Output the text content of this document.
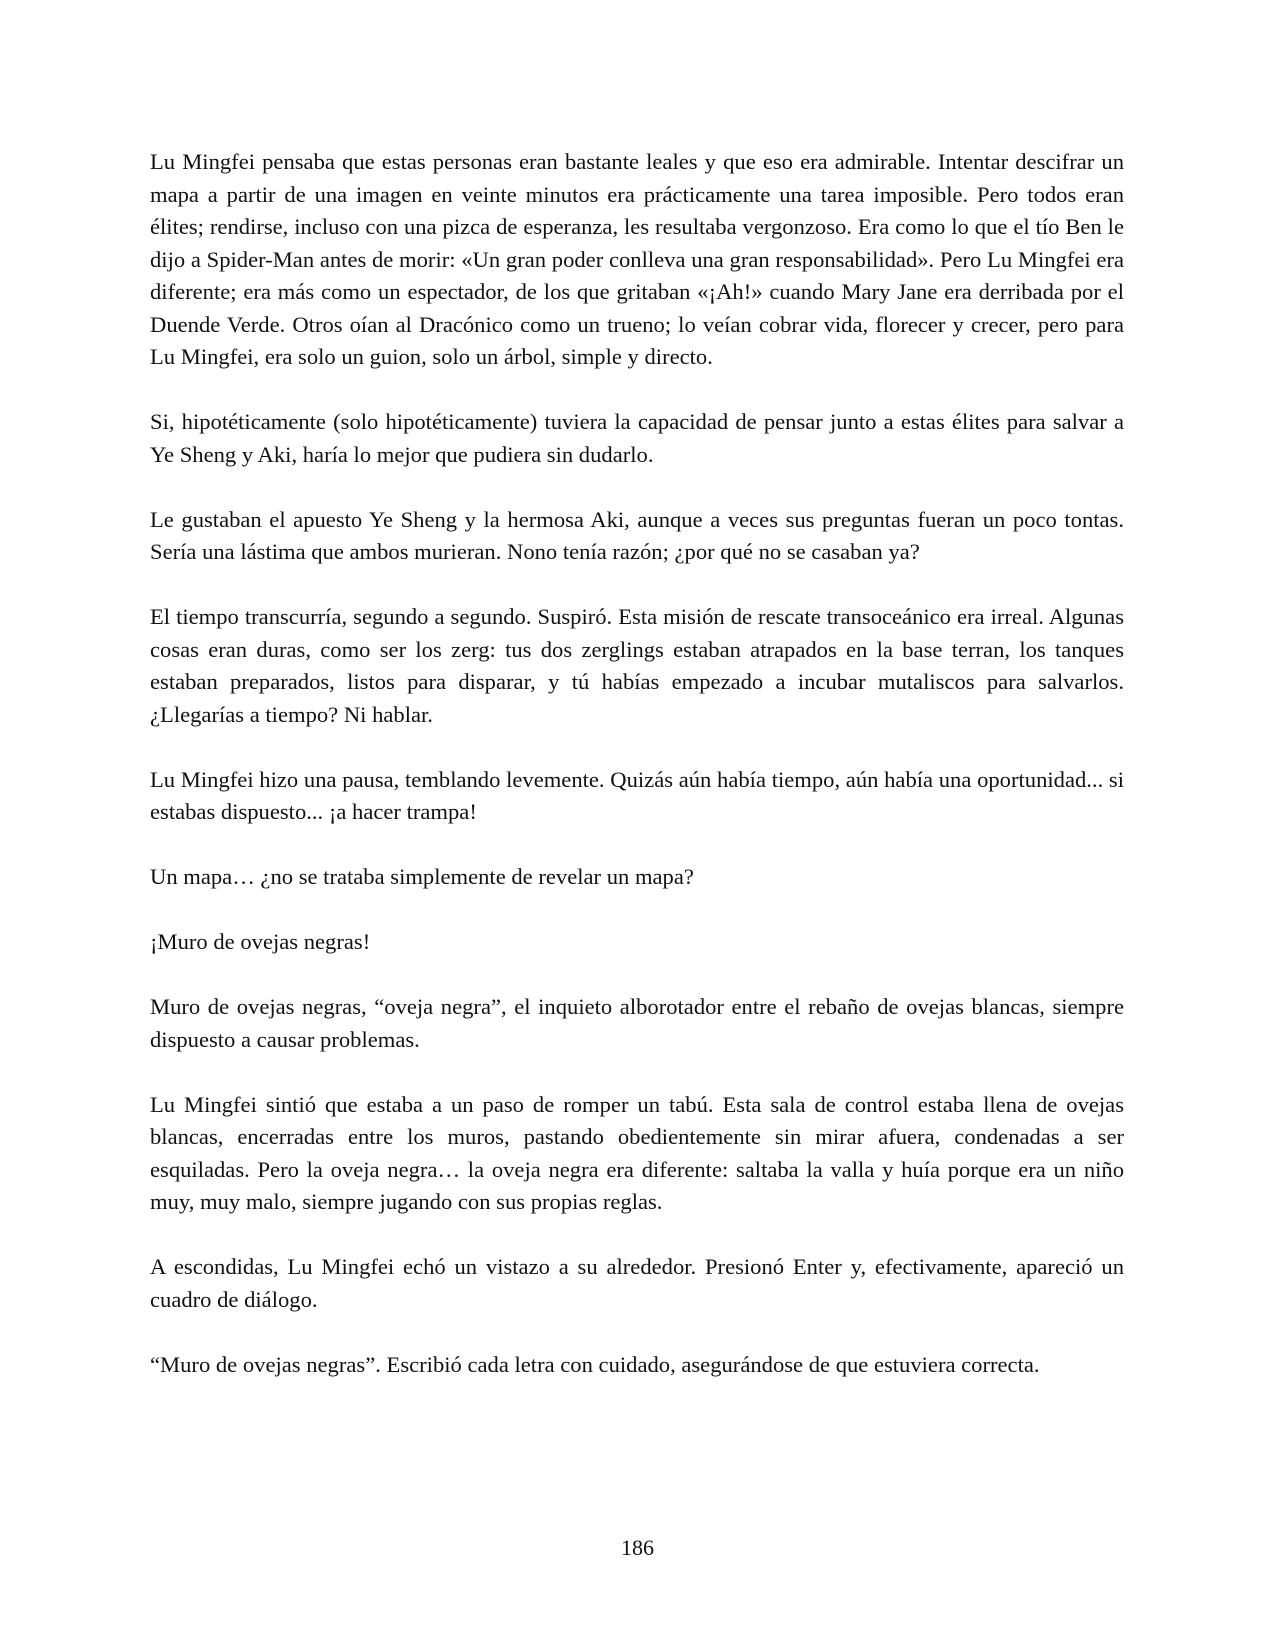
Lu Mingfei pensaba que estas personas eran bastante leales y que eso era admirable. Intentar descifrar un mapa a partir de una imagen en veinte minutos era prácticamente una tarea imposible. Pero todos eran élites; rendirse, incluso con una pizca de esperanza, les resultaba vergonzoso. Era como lo que el tío Ben le dijo a Spider-Man antes de morir: «Un gran poder conlleva una gran responsabilidad». Pero Lu Mingfei era diferente; era más como un espectador, de los que gritaban «¡Ah!» cuando Mary Jane era derribada por el Duende Verde. Otros oían al Dracónico como un trueno; lo veían cobrar vida, florecer y crecer, pero para Lu Mingfei, era solo un guion, solo un árbol, simple y directo.

Si, hipotéticamente (solo hipotéticamente) tuviera la capacidad de pensar junto a estas élites para salvar a Ye Sheng y Aki, haría lo mejor que pudiera sin dudarlo.

Le gustaban el apuesto Ye Sheng y la hermosa Aki, aunque a veces sus preguntas fueran un poco tontas. Sería una lástima que ambos murieran. Nono tenía razón; ¿por qué no se casaban ya?

El tiempo transcurría, segundo a segundo. Suspiró. Esta misión de rescate transoceánico era irreal. Algunas cosas eran duras, como ser los zerg: tus dos zerglings estaban atrapados en la base terran, los tanques estaban preparados, listos para disparar, y tú habías empezado a incubar mutaliscos para salvarlos. ¿Llegarías a tiempo? Ni hablar.

Lu Mingfei hizo una pausa, temblando levemente. Quizás aún había tiempo, aún había una oportunidad... si estabas dispuesto... ¡a hacer trampa!

Un mapa… ¿no se trataba simplemente de revelar un mapa?

¡Muro de ovejas negras!

Muro de ovejas negras, “oveja negra”, el inquieto alborotador entre el rebaño de ovejas blancas, siempre dispuesto a causar problemas.

Lu Mingfei sintió que estaba a un paso de romper un tabú. Esta sala de control estaba llena de ovejas blancas, encerradas entre los muros, pastando obedientemente sin mirar afuera, condenadas a ser esquiladas. Pero la oveja negra… la oveja negra era diferente: saltaba la valla y huía porque era un niño muy, muy malo, siempre jugando con sus propias reglas.

A escondidas, Lu Mingfei echó un vistazo a su alrededor. Presionó Enter y, efectivamente, apareció un cuadro de diálogo.

“Muro de ovejas negras”. Escribió cada letra con cuidado, asegurándose de que estuviera correcta.

186
